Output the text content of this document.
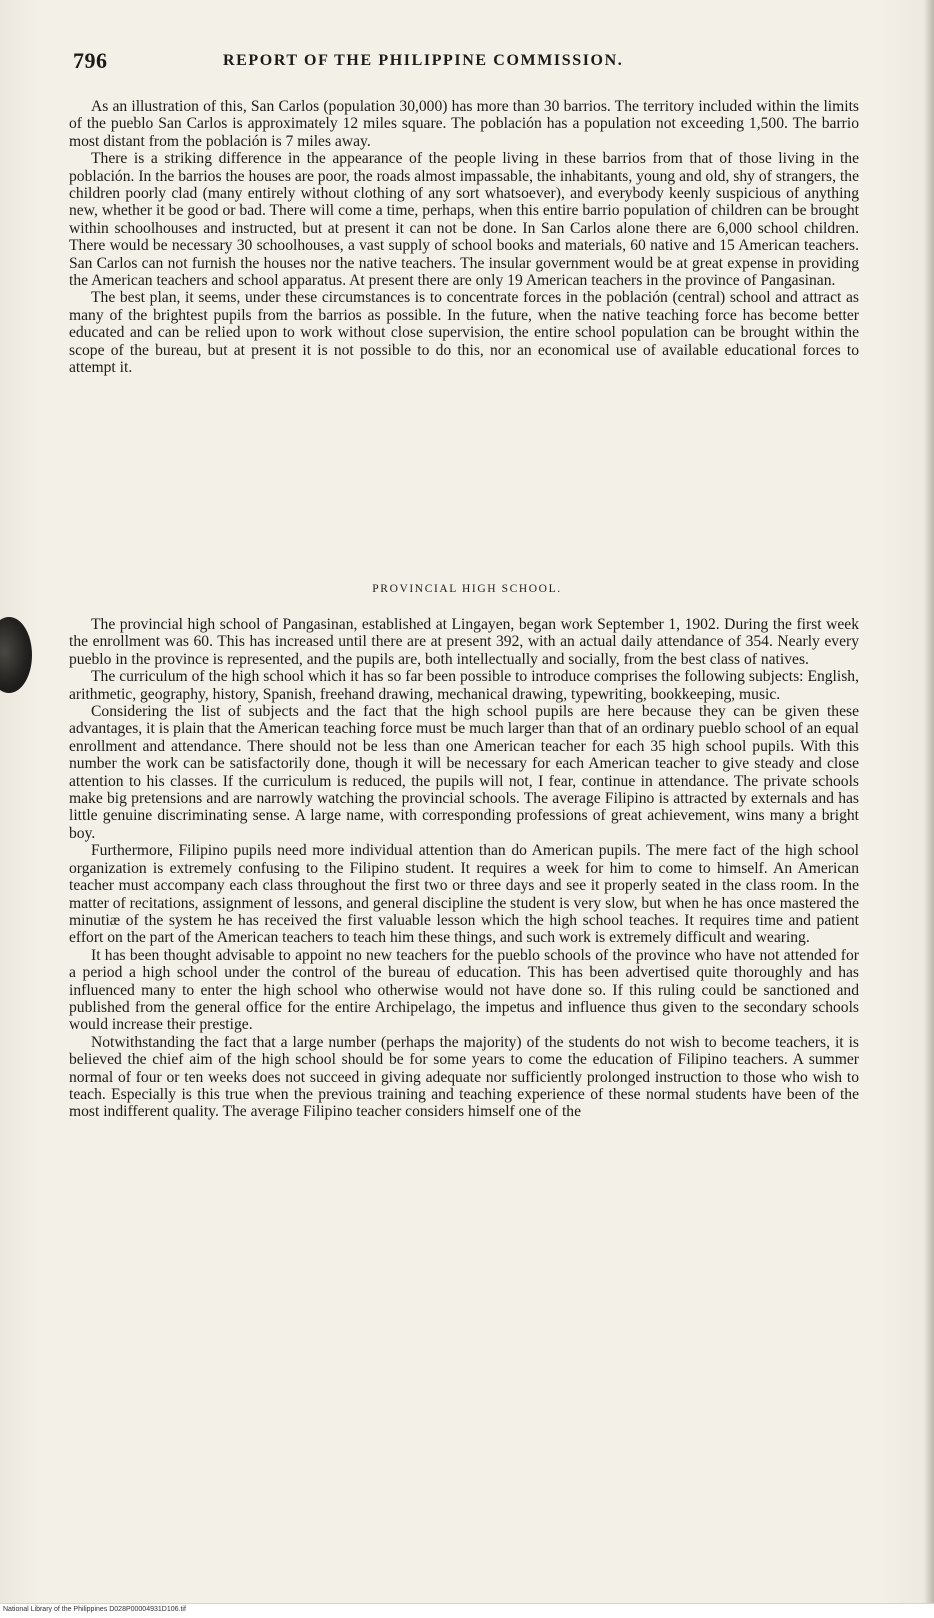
796	REPORT OF THE PHILIPPINE COMMISSION.

As an illustration of this, San Carlos (population 30,000) has more than 30 barrios. The territory included within the limits of the pueblo San Carlos is approximately 12 miles square. The población has a population not exceeding 1,500. The barrio most distant from the población is 7 miles away.

There is a striking difference in the appearance of the people living in these barrios from that of those living in the población. In the barrios the houses are poor, the roads almost impassable, the inhabitants, young and old, shy of strangers, the children poorly clad (many entirely without clothing of any sort whatsoever), and everybody keenly suspicious of anything new, whether it be good or bad. There will come a time, perhaps, when this entire barrio population of children can be brought within schoolhouses and instructed, but at present it can not be done. In San Carlos alone there are 6,000 school children. There would be necessary 30 schoolhouses, a vast supply of school books and materials, 60 native and 15 American teachers. San Carlos can not furnish the houses nor the native teachers. The insular government would be at great expense in providing the American teachers and school apparatus. At present there are only 19 American teachers in the province of Pangasinan.

The best plan, it seems, under these circumstances is to concentrate forces in the población (central) school and attract as many of the brightest pupils from the barrios as possible. In the future, when the native teaching force has become better educated and can be relied upon to work without close supervision, the entire school population can be brought within the scope of the bureau, but at present it is not possible to do this, nor an economical use of available educational forces to attempt it.

PROVINCIAL HIGH SCHOOL.

The provincial high school of Pangasinan, established at Lingayen, began work September 1, 1902. During the first week the enrollment was 60. This has increased until there are at present 392, with an actual daily attendance of 354. Nearly every pueblo in the province is represented, and the pupils are, both intellectually and socially, from the best class of natives.

The curriculum of the high school which it has so far been possible to introduce comprises the following subjects: English, arithmetic, geography, history, Spanish, freehand drawing, mechanical drawing, typewriting, bookkeeping, music.

Considering the list of subjects and the fact that the high school pupils are here because they can be given these advantages, it is plain that the American teaching force must be much larger than that of an ordinary pueblo school of an equal enrollment and attendance. There should not be less than one American teacher for each 35 high school pupils. With this number the work can be satisfactorily done, though it will be necessary for each American teacher to give steady and close attention to his classes. If the curriculum is reduced, the pupils will not, I fear, continue in attendance. The private schools make big pretensions and are narrowly watching the provincial schools. The average Filipino is attracted by externals and has little genuine discriminating sense. A large name, with corresponding professions of great achievement, wins many a bright boy.

Furthermore, Filipino pupils need more individual attention than do American pupils. The mere fact of the high school organization is extremely confusing to the Filipino student. It requires a week for him to come to himself. An American teacher must accompany each class throughout the first two or three days and see it properly seated in the class room. In the matter of recitations, assignment of lessons, and general discipline the student is very slow, but when he has once mastered the minutiæ of the system he has received the first valuable lesson which the high school teaches. It requires time and patient effort on the part of the American teachers to teach him these things, and such work is extremely difficult and wearing.

It has been thought advisable to appoint no new teachers for the pueblo schools of the province who have not attended for a period a high school under the control of the bureau of education. This has been advertised quite thoroughly and has influenced many to enter the high school who otherwise would not have done so. If this ruling could be sanctioned and published from the general office for the entire Archipelago, the impetus and influence thus given to the secondary schools would increase their prestige.

Notwithstanding the fact that a large number (perhaps the majority) of the students do not wish to become teachers, it is believed the chief aim of the high school should be for some years to come the education of Filipino teachers. A summer normal of four or ten weeks does not succeed in giving adequate nor sufficiently prolonged instruction to those who wish to teach. Especially is this true when the previous training and teaching experience of these normal students have been of the most indifferent quality. The average Filipino teacher considers himself one of the

National Library of the Philippines D028P00004931D106.tif
